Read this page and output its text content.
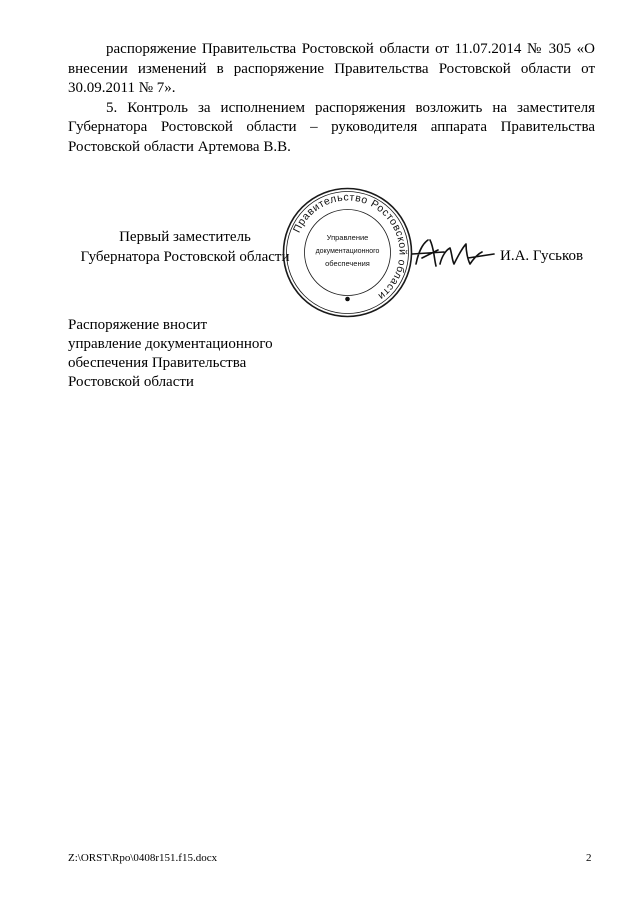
распоряжение Правительства Ростовской области от 11.07.2014 № 305 «О внесении изменений в распоряжение Правительства Ростовской области от 30.09.2011 № 7».

5. Контроль за исполнением распоряжения возложить на заместителя Губернатора Ростовской области – руководителя аппарата Правительства Ростовской области Артемова В.В.

Первый заместитель
Губернатора Ростовской области
Правительство Ростовской области
Управление
документационного
обеспечения	И.А. Гуськов
Распоряжение вносит
управление документационного
обеспечения Правительства
Ростовской области
Z:\ORST\Rpo\0408r151.f15.docx	2
